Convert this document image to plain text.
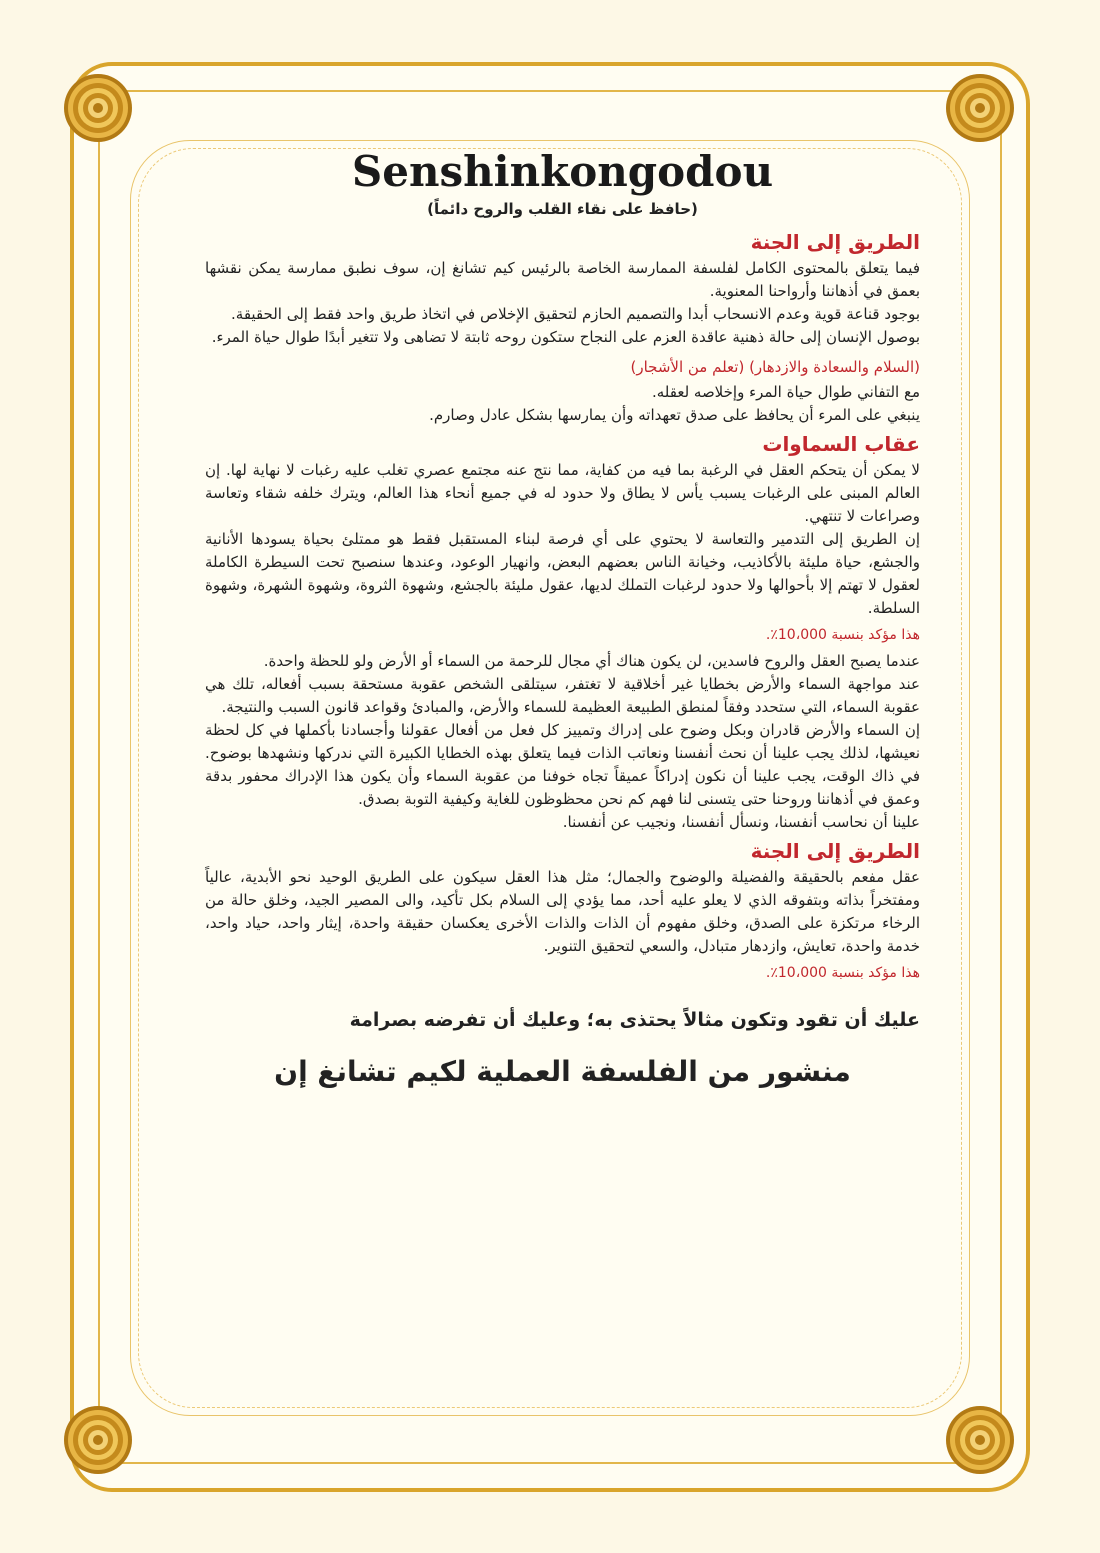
Senshinkongodou
(حافظ على نقاء القلب والروح دائماً)
الطريق إلى الجنة

فيما يتعلق بالمحتوى الكامل لفلسفة الممارسة الخاصة بالرئيس كيم تشانغ إن، سوف نطبق ممارسة يمكن نقشها بعمق في أذهاننا وأرواحنا المعنوية.

بوجود قناعة قوية وعدم الانسحاب أبدا والتصميم الحازم لتحقيق الإخلاص في اتخاذ طريق واحد فقط إلى الحقيقة.

بوصول الإنسان إلى حالة ذهنية عاقدة العزم على النجاح ستكون روحه ثابتة لا تضاهى ولا تتغير أبدًا طوال حياة المرء.

(السلام والسعادة والازدهار) (تعلم من الأشجار)

مع التفاني طوال حياة المرء وإخلاصه لعقله.

ينبغي على المرء أن يحافظ على صدق تعهداته وأن يمارسها بشكل عادل وصارم.

عقاب السماوات

لا يمكن أن يتحكم العقل في الرغبة بما فيه من كفاية، مما نتج عنه مجتمع عصري تغلب عليه رغبات لا نهاية لها. إن العالم المبنى على الرغبات يسبب يأس لا يطاق ولا حدود له في جميع أنحاء هذا العالم، ويترك خلفه شقاء وتعاسة وصراعات لا تنتهي.

إن الطريق إلى التدمير والتعاسة لا يحتوي على أي فرصة لبناء المستقبل فقط هو ممتلئ بحياة يسودها الأنانية والجشع، حياة مليئة بالأكاذيب، وخيانة الناس بعضهم البعض، وانهيار الوعود، وعندها سنصبح تحت السيطرة الكاملة لعقول لا تهتم إلا بأحوالها ولا حدود لرغبات التملك لديها، عقول مليئة بالجشع، وشهوة الثروة، وشهوة الشهرة، وشهوة السلطة.

هذا مؤكد بنسبة 10،000٪.

عندما يصبح العقل والروح فاسدين، لن يكون هناك أي مجال للرحمة من السماء أو الأرض ولو للحظة واحدة.

عند مواجهة السماء والأرض بخطايا غير أخلاقية لا تغتفر، سيتلقى الشخص عقوبة مستحقة بسبب أفعاله، تلك هي عقوبة السماء، التي ستحدد وفقاً لمنطق الطبيعة العظيمة للسماء والأرض، والمبادئ وقواعد قانون السبب والنتيجة.

إن السماء والأرض قادران وبكل وضوح على إدراك وتمييز كل فعل من أفعال عقولنا وأجسادنا بأكملها في كل لحظة نعيشها، لذلك يجب علينا أن نحث أنفسنا ونعاتب الذات فيما يتعلق بهذه الخطايا الكبيرة التي ندركها ونشهدها بوضوح. في ذاك الوقت، يجب علينا أن نكون إدراكاً عميقاً تجاه خوفنا من عقوبة السماء وأن يكون هذا الإدراك محفور بدقة وعمق في أذهاننا وروحنا حتى يتسنى لنا فهم كم نحن محظوظون للغاية وكيفية التوبة بصدق.

علينا أن نحاسب أنفسنا، ونسأل أنفسنا، ونجيب عن أنفسنا.

الطريق إلى الجنة

عقل مفعم بالحقيقة والفضيلة والوضوح والجمال؛ مثل هذا العقل سيكون على الطريق الوحيد نحو الأبدية، عالياً ومفتخراً بذاته وبتفوقه الذي لا يعلو عليه أحد، مما يؤدي إلى السلام بكل تأكيد، والى المصير الجيد، وخلق حالة من الرخاء مرتكزة على الصدق، وخلق مفهوم أن الذات والذات الأخرى يعكسان حقيقة واحدة، إيثار واحد، حياد واحد، خدمة واحدة، تعايش، وازدهار متبادل، والسعي لتحقيق التنوير.

هذا مؤكد بنسبة 10،000٪.
عليك أن تقود وتكون مثالاً يحتذى به؛ وعليك أن تفرضه بصرامة
منشور من الفلسفة العملية لكيم تشانغ إن
